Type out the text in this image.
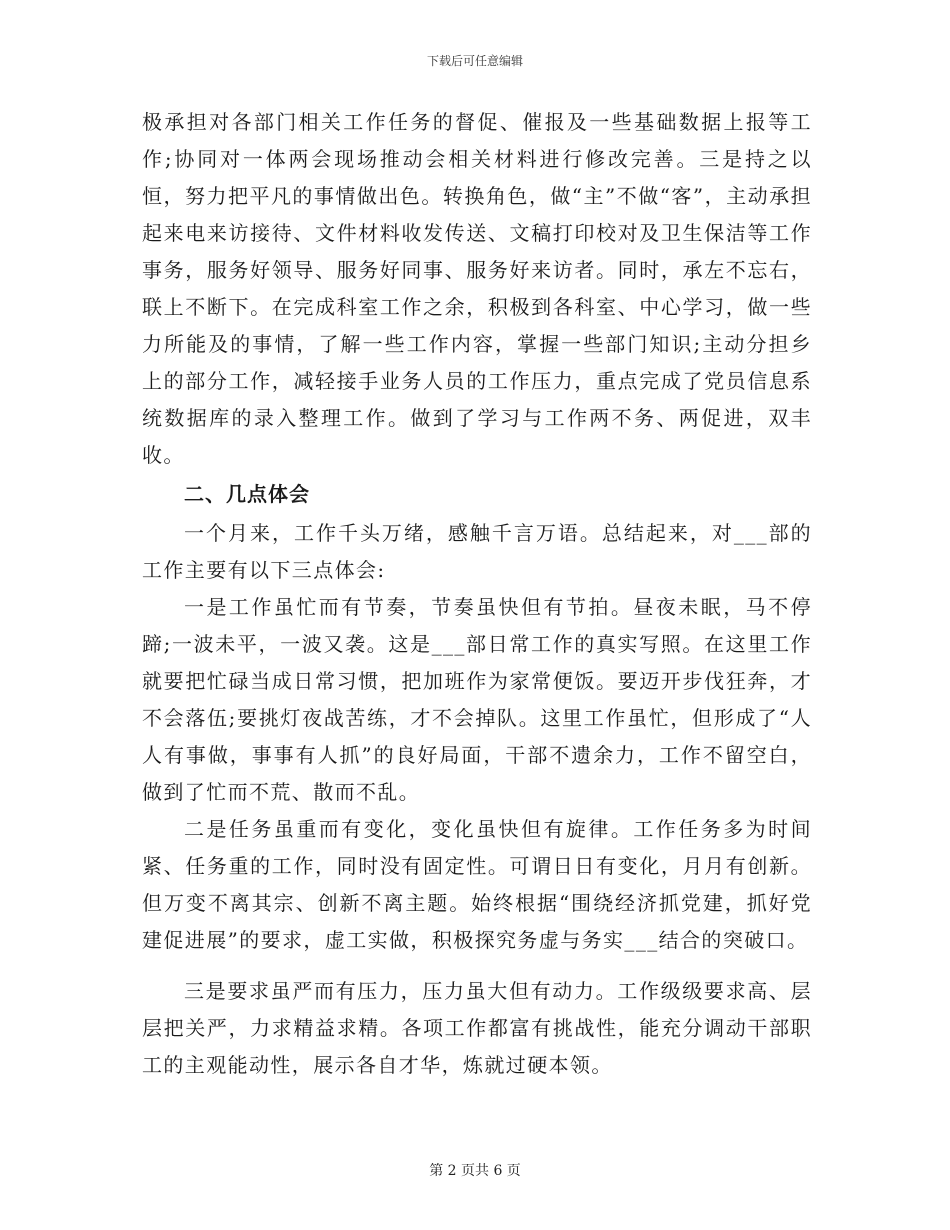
下载后可任意编辑

极承担对各部门相关工作任务的督促、催报及一些基础数据上报等工作;协同对一体两会现场推动会相关材料进行修改完善。三是持之以恒，努力把平凡的事情做出色。转换角色，做“主”不做“客”，主动承担起来电来访接待、文件材料收发传送、文稿打印校对及卫生保洁等工作事务，服务好领导、服务好同事、服务好来访者。同时，承左不忘右，联上不断下。在完成科室工作之余，积极到各科室、中心学习，做一些力所能及的事情，了解一些工作内容，掌握一些部门知识;主动分担乡上的部分工作，减轻接手业务人员的工作压力，重点完成了党员信息系统数据库的录入整理工作。做到了学习与工作两不务、两促进，双丰收。

二、几点体会

一个月来，工作千头万绪，感触千言万语。总结起来，对___部的工作主要有以下三点体会:

一是工作虽忙而有节奏，节奏虽快但有节拍。昼夜未眠，马不停蹄;一波未平，一波又袭。这是___部日常工作的真实写照。在这里工作就要把忙碌当成日常习惯，把加班作为家常便饭。要迈开步伐狂奔，才不会落伍;要挑灯夜战苦练，才不会掉队。这里工作虽忙，但形成了“人人有事做，事事有人抓”的良好局面，干部不遗余力，工作不留空白，做到了忙而不荒、散而不乱。

二是任务虽重而有变化，变化虽快但有旋律。工作任务多为时间紧、任务重的工作，同时没有固定性。可谓日日有变化，月月有创新。但万变不离其宗、创新不离主题。始终根据“围绕经济抓党建，抓好党建促进展”的要求，虚工实做，积极探究务虚与务实___结合的突破口。

三是要求虽严而有压力，压力虽大但有动力。工作级级要求高、层层把关严，力求精益求精。各项工作都富有挑战性，能充分调动干部职工的主观能动性，展示各自才华，炼就过硬本领。

第 2 页共 6 页
